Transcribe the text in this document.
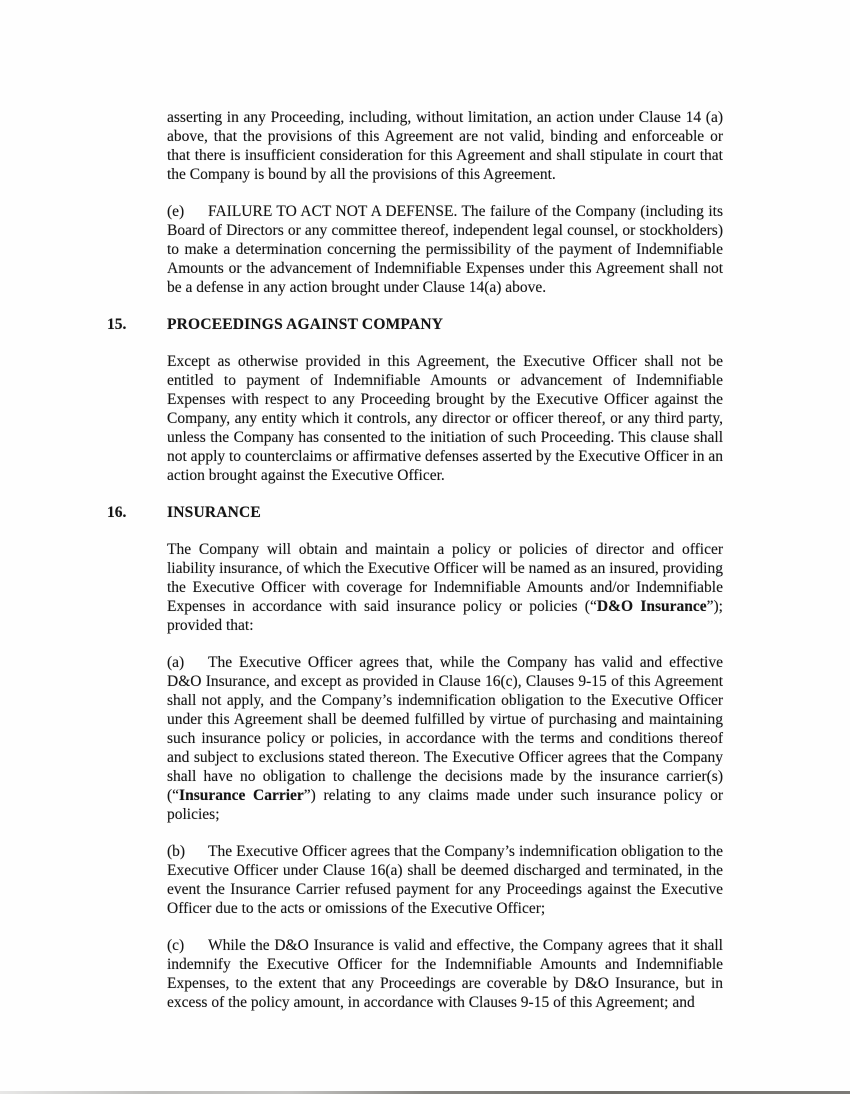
asserting in any Proceeding, including, without limitation, an action under Clause 14 (a) above, that the provisions of this Agreement are not valid, binding and enforceable or that there is insufficient consideration for this Agreement and shall stipulate in court that the Company is bound by all the provisions of this Agreement.
(e) FAILURE TO ACT NOT A DEFENSE. The failure of the Company (including its Board of Directors or any committee thereof, independent legal counsel, or stockholders) to make a determination concerning the permissibility of the payment of Indemnifiable Amounts or the advancement of Indemnifiable Expenses under this Agreement shall not be a defense in any action brought under Clause 14(a) above.
15.	PROCEEDINGS AGAINST COMPANY
Except as otherwise provided in this Agreement, the Executive Officer shall not be entitled to payment of Indemnifiable Amounts or advancement of Indemnifiable Expenses with respect to any Proceeding brought by the Executive Officer against the Company, any entity which it controls, any director or officer thereof, or any third party, unless the Company has consented to the initiation of such Proceeding. This clause shall not apply to counterclaims or affirmative defenses asserted by the Executive Officer in an action brought against the Executive Officer.
16.	INSURANCE
The Company will obtain and maintain a policy or policies of director and officer liability insurance, of which the Executive Officer will be named as an insured, providing the Executive Officer with coverage for Indemnifiable Amounts and/or Indemnifiable Expenses in accordance with said insurance policy or policies (“D&O Insurance”); provided that:
(a) The Executive Officer agrees that, while the Company has valid and effective D&O Insurance, and except as provided in Clause 16(c), Clauses 9-15 of this Agreement shall not apply, and the Company’s indemnification obligation to the Executive Officer under this Agreement shall be deemed fulfilled by virtue of purchasing and maintaining such insurance policy or policies, in accordance with the terms and conditions thereof and subject to exclusions stated thereon. The Executive Officer agrees that the Company shall have no obligation to challenge the decisions made by the insurance carrier(s) (“Insurance Carrier”) relating to any claims made under such insurance policy or policies;
(b) The Executive Officer agrees that the Company’s indemnification obligation to the Executive Officer under Clause 16(a) shall be deemed discharged and terminated, in the event the Insurance Carrier refused payment for any Proceedings against the Executive Officer due to the acts or omissions of the Executive Officer;
(c) While the D&O Insurance is valid and effective, the Company agrees that it shall indemnify the Executive Officer for the Indemnifiable Amounts and Indemnifiable Expenses, to the extent that any Proceedings are coverable by D&O Insurance, but in excess of the policy amount, in accordance with Clauses 9-15 of this Agreement; and
